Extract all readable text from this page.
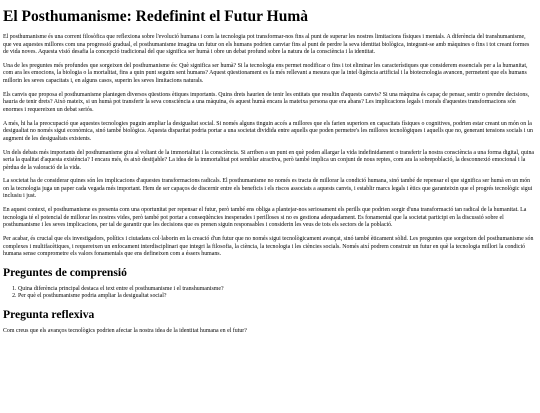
El Posthumanisme: Redefinint el Futur Humà

El posthumanisme és una corrent filosòfica que reflexiona sobre l'evolució humana i com la tecnologia pot transformar-nos fins al punt de superar les nostres limitacions físiques i mentals. A diferència del transhumanisme, que veu aquestes millores com una progressió gradual, el posthumanisme imagina un futur on els humans podrien canviar fins al punt de perdre la seva identitat biològica, integrant-se amb màquines o fins i tot creant formes de vida noves. Aquesta visió desafia la concepció tradicional del que significa ser humà i obre un debat profund sobre la natura de la consciència i la identitat.

Una de les preguntes més profundes que sorgeixen del posthumanisme és: Què significa ser humà? Si la tecnologia ens permet modificar o fins i tot eliminar les característiques que considerem essencials per a la humanitat, com ara les emocions, la biologia o la mortalitat, fins a quin punt seguim sent humans? Aquest qüestionament es fa més rellevant a mesura que la intel·ligència artificial i la biotecnologia avancen, permetent que els humans millorin les seves capacitats i, en alguns casos, superin les seves limitacions naturals.

Els canvis que proposa el posthumanisme plantegen diversos qüestions ètiques importants. Quins drets haurien de tenir les entitats que resultin d'aquests canvis? Si una màquina és capaç de pensar, sentir o prendre decisions, hauria de tenir drets? Això mateix, si un humà pot transferir la seva consciència a una màquina, és aquest humà encara la mateixa persona que era abans? Les implicacions legals i morals d'aquestes transformacions són enormes i requereixen un debat seriós.

A més, hi ha la preocupació que aquestes tecnologies puguin ampliar la desigualtat social. Si només alguns tinguin accés a millores que els farien superiors en capacitats físiques o cognitives, podrien estar creant un món on la desigualtat no només sigui econòmica, sinó també biològica. Aquesta disparitat podria portar a una societat dividida entre aquells que poden permetre's les millores tecnològiques i aquells que no, generant tensions socials i un augment de les desigualtats existents.

Un dels debats més importants del posthumanisme gira al voltant de la immortalitat i la consciència. Si arriben a un punt en què poden allargar la vida indefinidament o transferir la nostra consciència a una forma digital, quina seria la qualitat d'aquesta existència? I encara més, és això desitjable? La idea de la immortalitat pot semblar atractiva, però també implica un conjunt de nous reptes, com ara la sobrepoblació, la desconnexió emocional i la pèrdua de la valoració de la vida.

La societat ha de considerar quines són les implicacions d'aquestes transformacions radicals. El posthumanisme no només es tracta de millorar la condició humana, sinó també de repensar el que significa ser humà en un món on la tecnologia juga un paper cada vegada més important. Hem de ser capaços de discernir entre els beneficis i els riscos associats a aquests canvis, i establir marcs legals i ètics que garanteixin que el progrés tecnològic sigui inclusiu i just.

En aquest context, el posthumanisme es presenta com una oportunitat per repensar el futur, però també ens obliga a plantejar-nos seriosament els perills que podrien sorgir d'una transformació tan radical de la humanitat. La tecnologia té el potencial de millorar les nostres vides, però també pot portar a conseqüències inesperades i perilloses si no es gestiona adequadament. Es fonamental que la societat participi en la discussió sobre el posthumanisme i les seves implicacions, per tal de garantir que les decisions que es prenen siguin responsables i considerin les veus de tots els sectors de la població.

Per acabar, és crucial que els investigadors, polítics i ciutadans col·laborin en la creació d'un futur que no només sigui tecnològicament avançat, sinó també èticament sòlid. Les preguntes que sorgeixen del posthumanisme són complexes i multifacètiques, i requereixen un enfocament interdisciplinari que integri la filosofia, la ciència, la tecnologia i les ciències socials. Només així podrem construir un futur en què la tecnologia millori la condició humana sense comprometre els valors fonamentals que ens defineixen com a éssers humans.

Preguntes de comprensió
1. Quina diferència principal destaca el text entre el posthumanisme i el transhumanisme?
2. Per què el posthumanisme podria ampliar la desigualtat social?
Pregunta reflexiva

Com creus que els avanços tecnològics podrien afectar la nostra idea de la identitat humana en el futur?
